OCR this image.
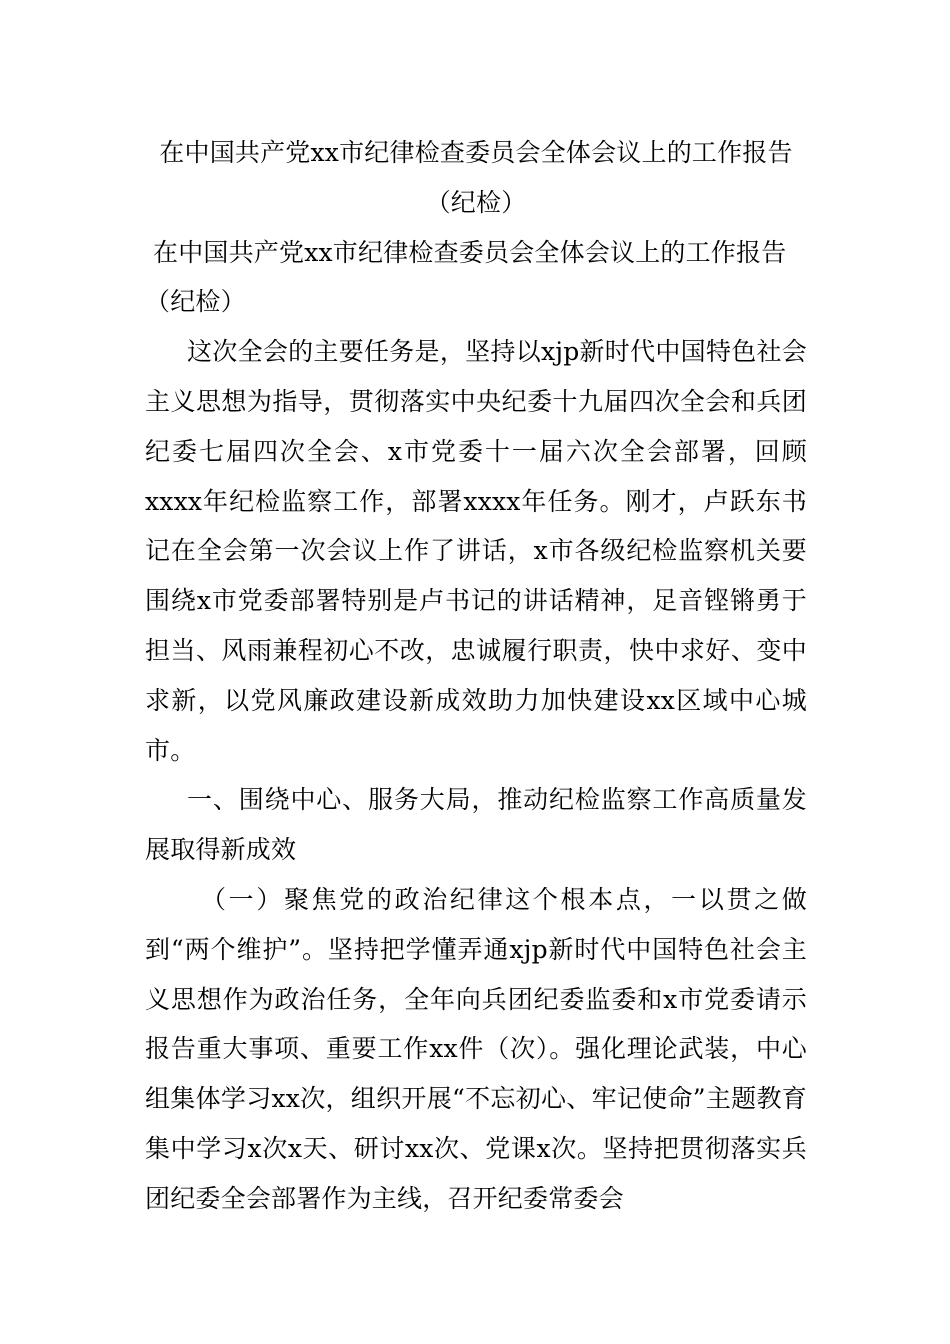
在中国共产党xx市纪律检查委员会全体会议上的工作报告

（纪检）

在中国共产党xx市纪律检查委员会全体会议上的工作报告（纪检）

这次全会的主要任务是，坚持以xjp新时代中国特色社会主义思想为指导，贯彻落实中央纪委十九届四次全会和兵团纪委七届四次全会、x市党委十一届六次全会部署，回顾xxxx年纪检监察工作，部署xxxx年任务。刚才，卢跃东书记在全会第一次会议上作了讲话，x市各级纪检监察机关要围绕x市党委部署特别是卢书记的讲话精神，足音铿锵勇于担当、风雨兼程初心不改，忠诚履行职责，快中求好、变中求新，以党风廉政建设新成效助力加快建设xx区域中心城市。

一、围绕中心、服务大局，推动纪检监察工作高质量发展取得新成效

（一）聚焦党的政治纪律这个根本点，一以贯之做到“两个维护”。坚持把学懂弄通xjp新时代中国特色社会主义思想作为政治任务，全年向兵团纪委监委和x市党委请示报告重大事项、重要工作xx件（次）。强化理论武装，中心组集体学习xx次，组织开展“不忘初心、牢记使命”主题教育集中学习x次x天、研讨xx次、党课x次。坚持把贯彻落实兵团纪委全会部署作为主线，召开纪委常委会
